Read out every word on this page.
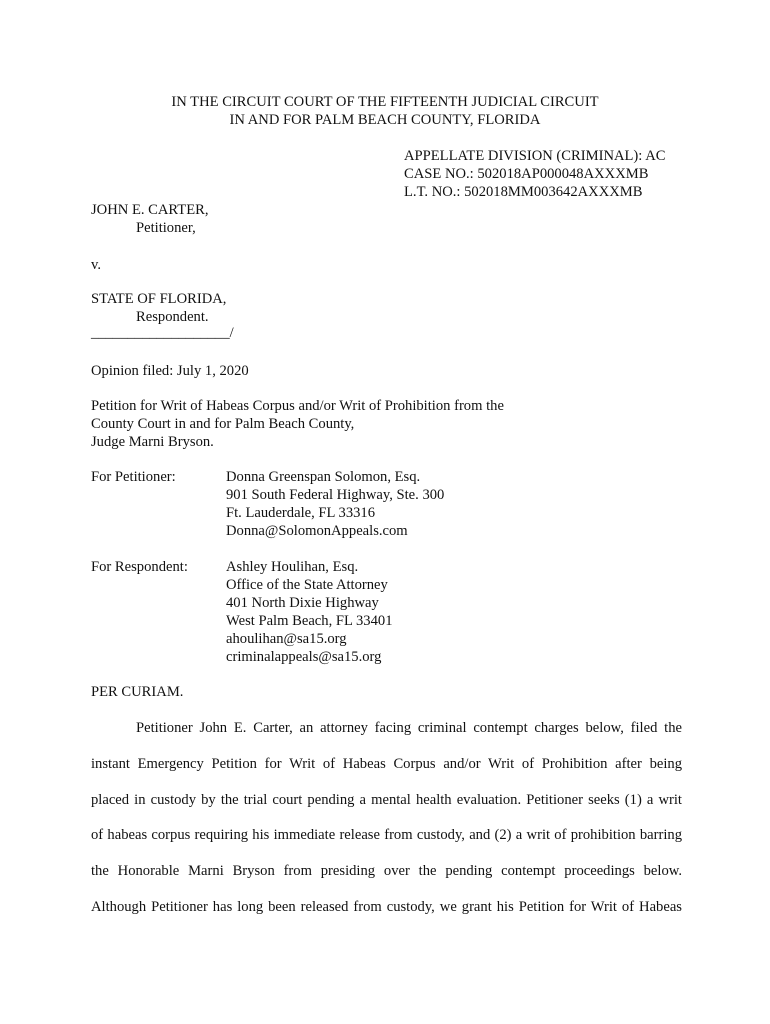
IN THE CIRCUIT COURT OF THE FIFTEENTH JUDICIAL CIRCUIT
IN AND FOR PALM BEACH COUNTY, FLORIDA
APPELLATE DIVISION (CRIMINAL): AC
CASE NO.: 502018AP000048AXXXMB
L.T. NO.: 502018MM003642AXXXMB
JOHN E. CARTER,
Petitioner,
v.
STATE OF FLORIDA,
Respondent.
___________________/
Opinion filed: July 1, 2020
Petition for Writ of Habeas Corpus and/or Writ of Prohibition from the
County Court in and for Palm Beach County,
Judge Marni Bryson.
For Petitioner:	Donna Greenspan Solomon, Esq.
901 South Federal Highway, Ste. 300
Ft. Lauderdale, FL 33316
Donna@SolomonAppeals.com
For Respondent:	Ashley Houlihan, Esq.
Office of the State Attorney
401 North Dixie Highway
West Palm Beach, FL 33401
ahoulihan@sa15.org
criminalappeals@sa15.org
PER CURIAM.
Petitioner John E. Carter, an attorney facing criminal contempt charges below, filed the
instant Emergency Petition for Writ of Habeas Corpus and/or Writ of Prohibition after being
placed in custody by the trial court pending a mental health evaluation. Petitioner seeks (1) a writ
of habeas corpus requiring his immediate release from custody, and (2) a writ of prohibition barring
the Honorable Marni Bryson from presiding over the pending contempt proceedings below.
Although Petitioner has long been released from custody, we grant his Petition for Writ of Habeas
